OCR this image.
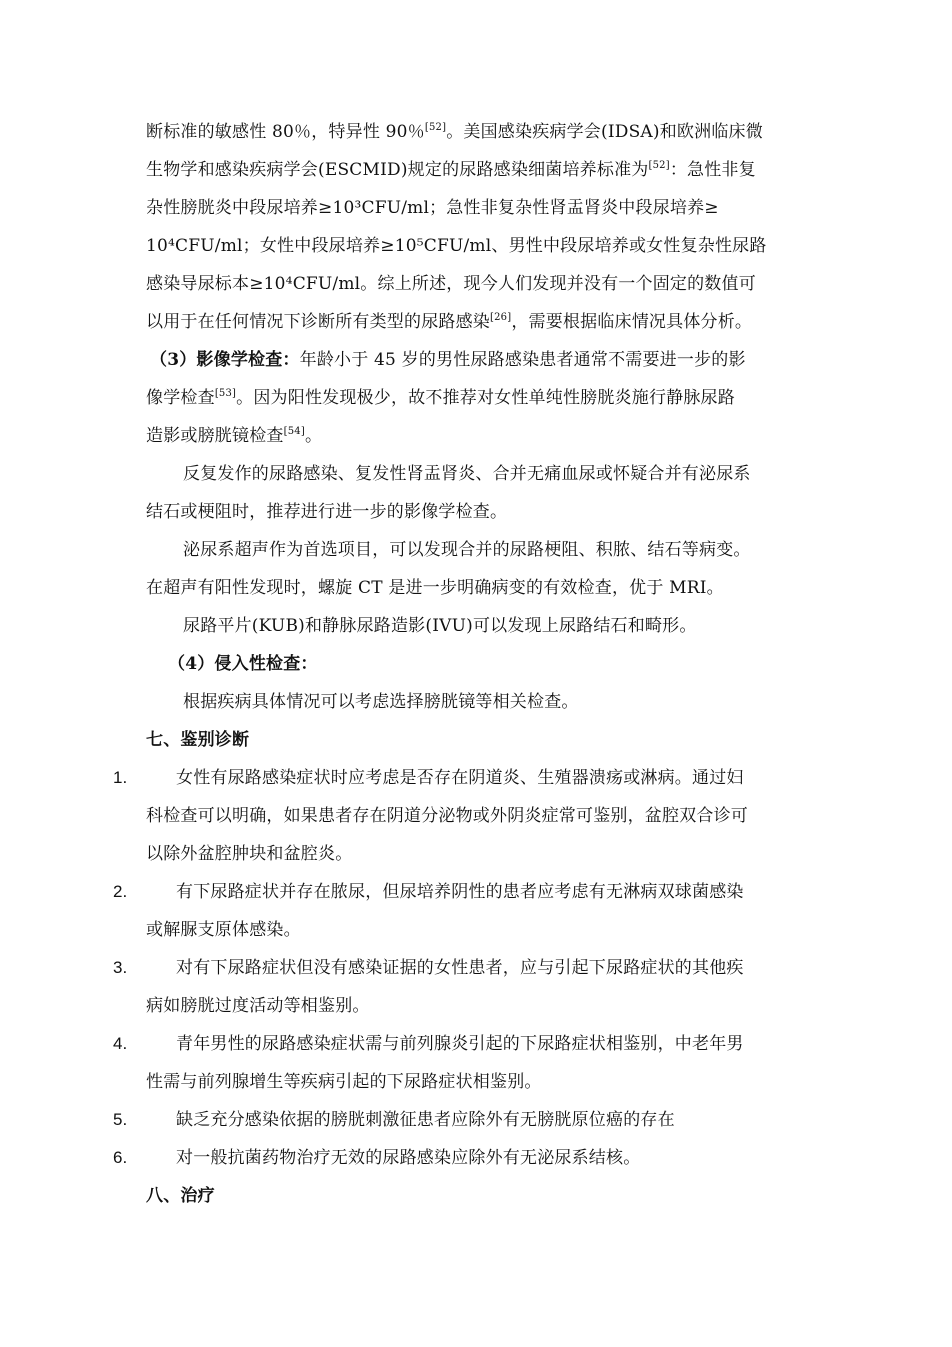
断标准的敏感性 80％，特异性 90％[52]。美国感染疾病学会(IDSA)和欧洲临床微
生物学和感染疾病学会(ESCMID)规定的尿路感染细菌培养标准为[52]：急性非复
杂性膀胱炎中段尿培养≥10³CFU/ml；急性非复杂性肾盂肾炎中段尿培养≥
10⁴CFU/ml；女性中段尿培养≥10⁵CFU/ml、男性中段尿培养或女性复杂性尿路
感染导尿标本≥10⁴CFU/ml。综上所述，现今人们发现并没有一个固定的数值可
以用于在任何情况下诊断所有类型的尿路感染[26]，需要根据临床情况具体分析。
（3）影像学检查：年龄小于 45 岁的男性尿路感染患者通常不需要进一步的影
像学检查[53]。因为阳性发现极少，故不推荐对女性单纯性膀胱炎施行静脉尿路
造影或膀胱镜检查[54]。
反复发作的尿路感染、复发性肾盂肾炎、合并无痛血尿或怀疑合并有泌尿系
结石或梗阻时，推荐进行进一步的影像学检查。
泌尿系超声作为首选项目，可以发现合并的尿路梗阻、积脓、结石等病变。
在超声有阳性发现时，螺旋 CT 是进一步明确病变的有效检查，优于 MRI。
尿路平片(KUB)和静脉尿路造影(IVU)可以发现上尿路结石和畸形。
（4）侵入性检查：
根据疾病具体情况可以考虑选择膀胱镜等相关检查。
七、鉴别诊断
1.	女性有尿路感染症状时应考虑是否存在阴道炎、生殖器溃疡或淋病。通过妇
科检查可以明确，如果患者存在阴道分泌物或外阴炎症常可鉴别，盆腔双合诊可
以除外盆腔肿块和盆腔炎。
2.	有下尿路症状并存在脓尿，但尿培养阴性的患者应考虑有无淋病双球菌感染
或解脲支原体感染。
3.	对有下尿路症状但没有感染证据的女性患者，应与引起下尿路症状的其他疾
病如膀胱过度活动等相鉴别。
4.	青年男性的尿路感染症状需与前列腺炎引起的下尿路症状相鉴别，中老年男
性需与前列腺增生等疾病引起的下尿路症状相鉴别。
5.	缺乏充分感染依据的膀胱刺激征患者应除外有无膀胱原位癌的存在
6.	对一般抗菌药物治疗无效的尿路感染应除外有无泌尿系结核。
八、治疗
